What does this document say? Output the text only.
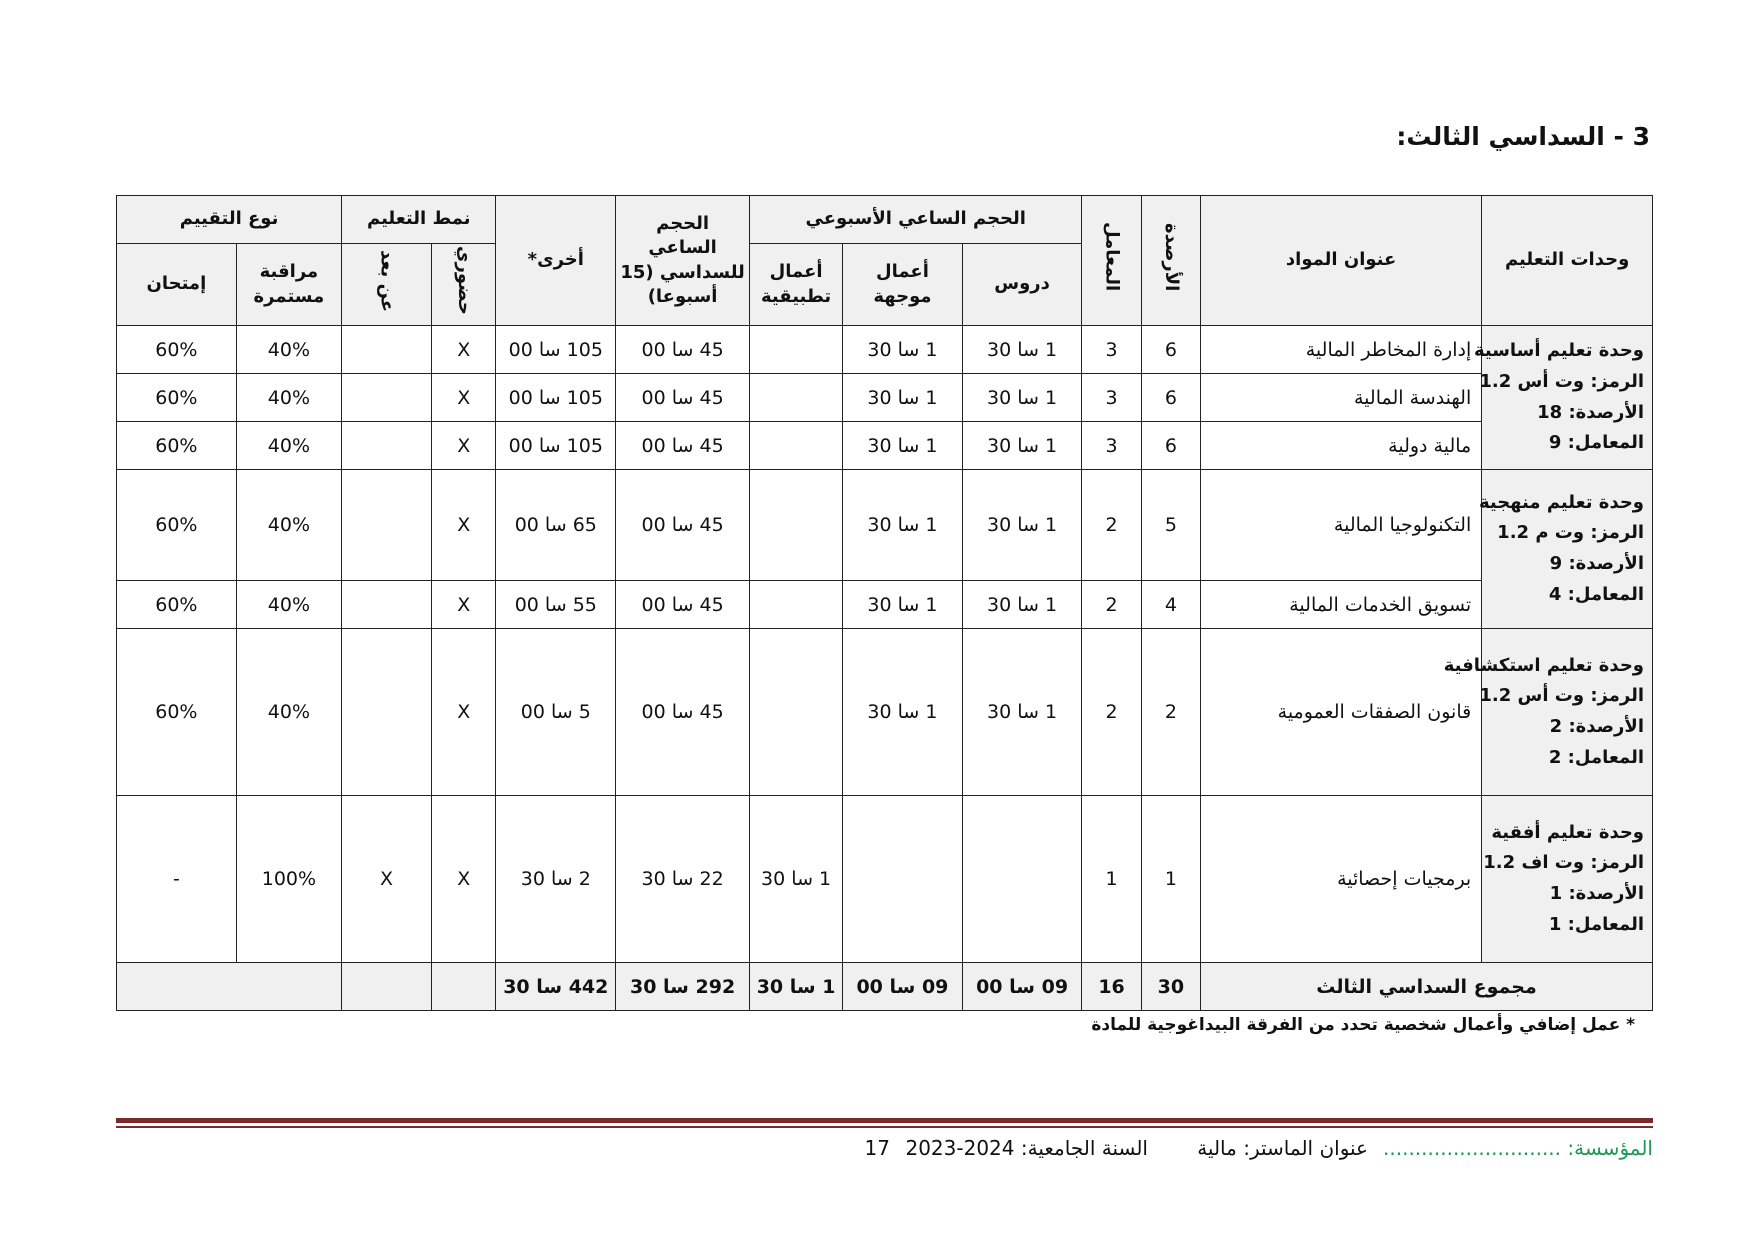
3 - السداسي الثالث:
وحدات التعليم	عنوان المواد	الأرصدة	المعامل	الحجم الساعي الأسبوعي			الحجم الساعي للسداسي (15 أسبوعا)	أخرى*	نمط التعليم		نوع التقييم	
				دروس	أعمال موجهة	أعمال تطبيقية			حضوري	عن بعد	مراقبة مستمرة	إمتحان

وحدة تعليم أساسية
الرمز: وت أس 1.2
الأرصدة: 18
المعامل: 9	إدارة المخاطر المالية	6	3	1 سا 30	1 سا 30		45 سا 00	105 سا 00	X		40%	60%
	الهندسة المالية	6	3	1 سا 30	1 سا 30		45 سا 00	105 سا 00	X		40%	60%
	مالية دولية	6	3	1 سا 30	1 سا 30		45 سا 00	105 سا 00	X		40%	60%

وحدة تعليم منهجية
الرمز: وت م 1.2
الأرصدة: 9
المعامل: 4	التكنولوجيا المالية	5	2	1 سا 30	1 سا 30		45 سا 00	65 سا 00	X		40%	60%
	تسويق الخدمات المالية	4	2	1 سا 30	1 سا 30		45 سا 00	55 سا 00	X		40%	60%

وحدة تعليم استكشافية
الرمز: وت أس 1.2
الأرصدة: 2
المعامل: 2	قانون الصفقات العمومية	2	2	1 سا 30	1 سا 30		45 سا 00	5 سا 00	X		40%	60%

وحدة تعليم أفقية
الرمز: وت اف 1.2
الأرصدة: 1
المعامل: 1	برمجيات إحصائية	1	1			1 سا 30	22 سا 30	2 سا 30	X	X	100%	-
مجموع السداسي الثالث		30	16	09 سا 00	09 سا 00	1 سا 30	292 سا 30	442 سا 30				
* عمل إضافي وأعمال شخصية تحدد من الفرقة البيداغوجية للمادة
المؤسسة: ............................
عنوان الماستر: مالية
السنة الجامعية: 2024-2023
17
